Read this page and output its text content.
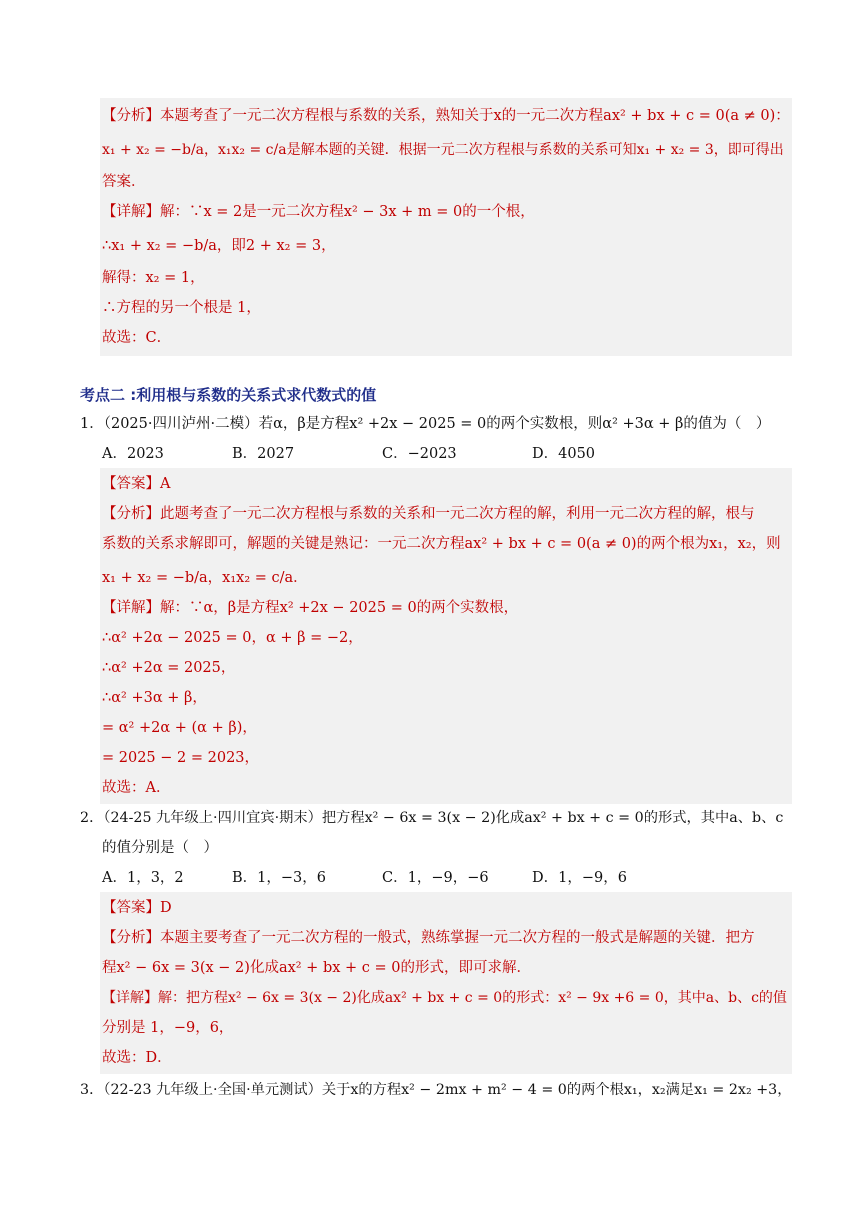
【分析】本题考查了一元二次方程根与系数的关系，熟知关于x的一元二次方程ax² + bx + c = 0(a ≠ 0)：
x₁ + x₂ = −b/a，x₁x₂ = c/a是解本题的关键．根据一元二次方程根与系数的关系可知x₁ + x₂ = 3，即可得出
答案．
【详解】解：∵x = 2是一元二次方程x² − 3x + m = 0的一个根，
∴x₁ + x₂ = −b/a，即2 + x₂ = 3，
解得：x₂ = 1，
∴方程的另一个根是 1，
故选：C．
考点二 :利用根与系数的关系式求代数式的值
1．（2025·四川泸州·二模）若α，β是方程x² +2x − 2025 = 0的两个实数根，则α² +3α + β的值为（　）
A．2023	B．2027	C．−2023	D．4050
【答案】A
【分析】此题考查了一元二次方程根与系数的关系和一元二次方程的解，利用一元二次方程的解，根与
系数的关系求解即可，解题的关键是熟记：一元二次方程ax² + bx + c = 0(a ≠ 0)的两个根为x₁，x₂，则
x₁ + x₂ = −b/a，x₁x₂ = c/a．
【详解】解：∵α，β是方程x² +2x − 2025 = 0的两个实数根，
∴α² +2α − 2025 = 0，α + β = −2，
∴α² +2α = 2025，
∴α² +3α + β，
= α² +2α + (α + β)，
= 2025 − 2 = 2023，
故选：A．
2．（24-25 九年级上·四川宜宾·期末）把方程x² − 6x = 3(x − 2)化成ax² + bx + c = 0的形式，其中a、b、c
的值分别是（　）
A．1，3，2	B．1，−3，6	C．1，−9，−6	D．1，−9，6
【答案】D
【分析】本题主要考查了一元二次方程的一般式，熟练掌握一元二次方程的一般式是解题的关键．把方
程x² − 6x = 3(x − 2)化成ax² + bx + c = 0的形式，即可求解．
【详解】解：把方程x² − 6x = 3(x − 2)化成ax² + bx + c = 0的形式：x² − 9x +6 = 0，其中a、b、c的值
分别是 1，−9，6，
故选：D．
3．（22-23 九年级上·全国·单元测试）关于x的方程x² − 2mx + m² − 4 = 0的两个根x₁，x₂满足x₁ = 2x₂ +3，
